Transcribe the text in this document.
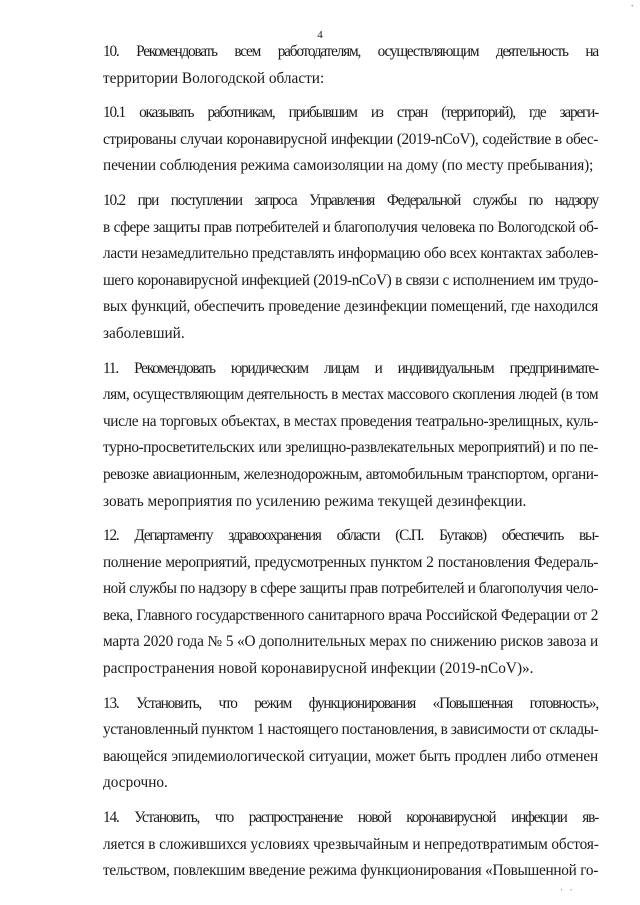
ˎ
4

10. Рекомендовать всем работодателям, осуществляющим деятельность на
территории Вологодской области:

10.1 оказывать работникам, прибывшим из стран (территорий), где зареги-
стрированы случаи коронавирусной инфекции (2019-nCoV), содействие в обес-
печении соблюдения режима самоизоляции на дому (по месту пребывания);

10.2 при поступлении запроса Управления Федеральной службы по надзору
в сфере защиты прав потребителей и благополучия человека по Вологодской об-
ласти незамедлительно представлять информацию обо всех контактах заболев-
шего коронавирусной инфекцией (2019-nCoV) в связи с исполнением им трудо-
вых функций, обеспечить проведение дезинфекции помещений, где находился
заболевший.

11. Рекомендовать юридическим лицам и индивидуальным предпринимате-
лям, осуществляющим деятельность в местах массового скопления людей (в том
числе на торговых объектах, в местах проведения театрально-зрелищных, куль-
турно-просветительских или зрелищно-развлекательных мероприятий) и по пе-
ревозке авиационным, железнодорожным, автомобильным транспортом, органи-
зовать мероприятия по усилению режима текущей дезинфекции.

12. Департаменту здравоохранения области (С.П. Бутаков) обеспечить вы-
полнение мероприятий, предусмотренных пунктом 2 постановления Федераль-
ной службы по надзору в сфере защиты прав потребителей и благополучия чело-
века, Главного государственного санитарного врача Российской Федерации от 2
марта 2020 года № 5 «О дополнительных мерах по снижению рисков завоза и
распространения новой коронавирусной инфекции (2019-nCoV)».

13. Установить, что режим функционирования «Повышенная готовность»,
установленный пунктом 1 настоящего постановления, в зависимости от склады-
вающейся эпидемиологической ситуации, может быть продлен либо отменен
досрочно.

14. Установить, что распространение новой коронавирусной инфекции яв-
ляется в сложившихся условиях чрезвычайным и непредотвратимым обстоя-
тельством, повлекшим введение режима функционирования «Повышенной го-

ˈˈ
